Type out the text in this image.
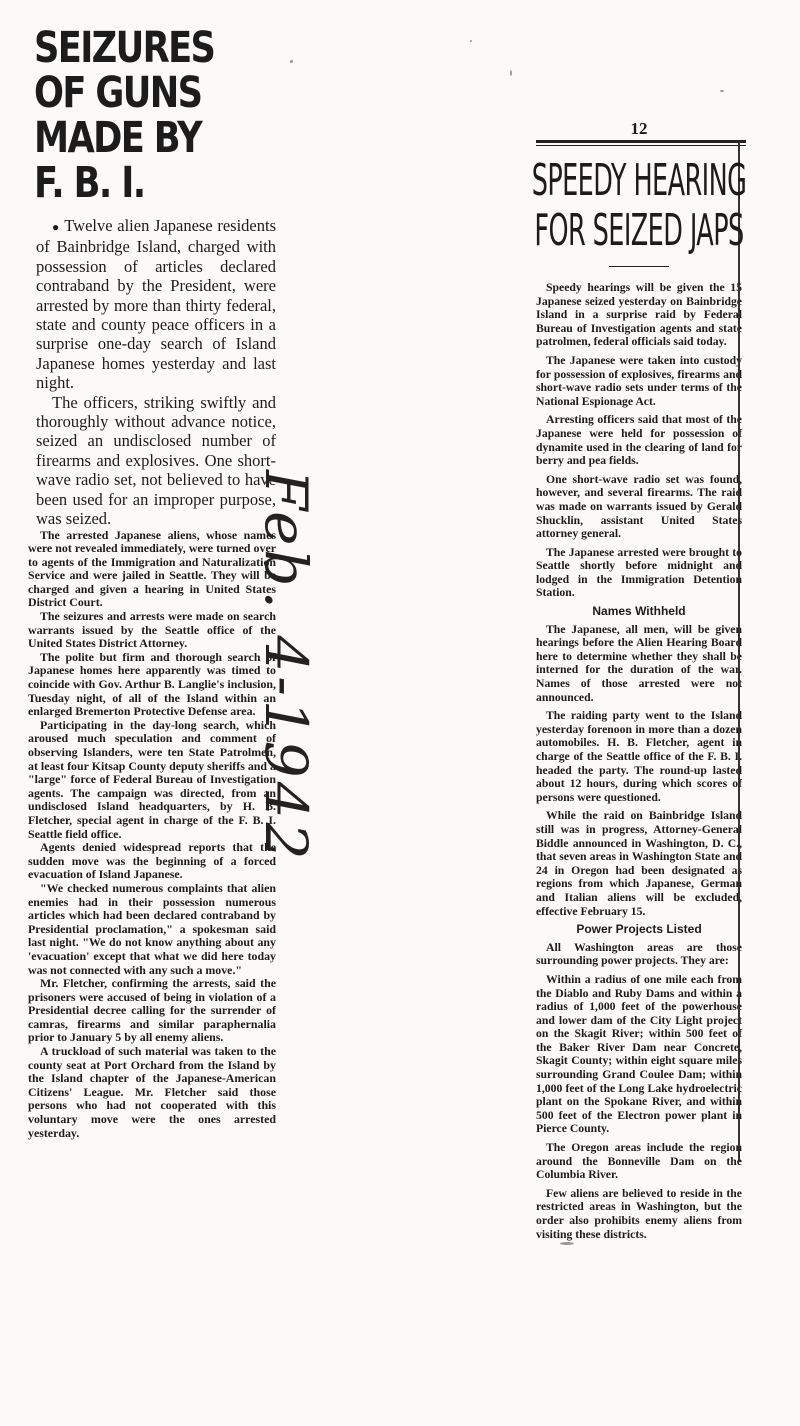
SEIZURES OF GUNS MADE BY F. B. I.

● Twelve alien Japanese residents of Bainbridge Island, charged with possession of articles declared contraband by the President, were arrested by more than thirty federal, state and county peace officers in a surprise one-day search of Island Japanese homes yesterday and last night.

The officers, striking swiftly and thoroughly without advance notice, seized an undisclosed number of firearms and explosives. One short-wave radio set, not believed to have been used for an improper purpose, was seized.

The arrested Japanese aliens, whose names were not revealed immediately, were turned over to agents of the Immigration and Naturalization Service and were jailed in Seattle. They will be charged and given a hearing in United States District Court.

The seizures and arrests were made on search warrants issued by the Seattle office of the United States District Attorney.

The polite but firm and thorough search of Japanese homes here apparently was timed to coincide with Gov. Arthur B. Langlie's inclusion, Tuesday night, of all of the Island within an enlarged Bremerton Protective Defense area.

Participating in the day-long search, which aroused much speculation and comment of observing Islanders, were ten State Patrolmen, at least four Kitsap County deputy sheriffs and a "large" force of Federal Bureau of Investigation agents. The campaign was directed, from an undisclosed Island headquarters, by H. B. Fletcher, special agent in charge of the F. B. I. Seattle field office.

Agents denied widespread reports that the sudden move was the beginning of a forced evacuation of Island Japanese.

"We checked numerous complaints that alien enemies had in their possession numerous articles which had been declared contraband by Presidential proclamation," a spokesman said last night. "We do not know anything about any 'evacuation' except that what we did here today was not connected with any such a move."

Mr. Fletcher, confirming the arrests, said the prisoners were accused of being in violation of a Presidential decree calling for the surrender of camras, firearms and similar paraphernalia prior to January 5 by all enemy aliens.

A truckload of such material was taken to the county seat at Port Orchard from the Island by the Island chapter of the Japanese-American Citizens' League. Mr. Fletcher said those persons who had not cooperated with this voluntary move were the ones arrested yesterday.

Feb. 4-1942

12

SPEEDY HEARING
FOR SEIZED JAPS

Speedy hearings will be given the 15 Japanese seized yesterday on Bainbridge Island in a surprise raid by Federal Bureau of Investigation agents and state patrolmen, federal officials said today.

The Japanese were taken into custody for possession of explosives, firearms and short-wave radio sets under terms of the National Espionage Act.

Arresting officers said that most of the Japanese were held for possession of dynamite used in the clearing of land for berry and pea fields.

One short-wave radio set was found, however, and several firearms. The raid was made on warrants issued by Gerald Shucklin, assistant United States attorney general.

The Japanese arrested were brought to Seattle shortly before midnight and lodged in the Immigration Detention Station.

Names Withheld

The Japanese, all men, will be given hearings before the Alien Hearing Board here to determine whether they shall be interned for the duration of the war. Names of those arrested were not announced.

The raiding party went to the Island yesterday forenoon in more than a dozen automobiles. H. B. Fletcher, agent in charge of the Seattle office of the F. B. I. headed the party. The round-up lasted about 12 hours, during which scores of persons were questioned.

While the raid on Bainbridge Island still was in progress, Attorney-General Biddle announced in Washington, D. C., that seven areas in Washington State and 24 in Oregon had been designated as regions from which Japanese, German and Italian aliens will be excluded, effective February 15.

Power Projects Listed

All Washington areas are those surrounding power projects. They are:

Within a radius of one mile each from the Diablo and Ruby Dams and within a radius of 1,000 feet of the powerhouse and lower dam of the City Light project on the Skagit River; within 500 feet of the Baker River Dam near Concrete, Skagit County; within eight square miles surrounding Grand Coulee Dam; within 1,000 feet of the Long Lake hydroelectric plant on the Spokane River, and within 500 feet of the Electron power plant in Pierce County.

The Oregon areas include the region around the Bonneville Dam on the Columbia River.

Few aliens are believed to reside in the restricted areas in Washington, but the order also prohibits enemy aliens from visiting these districts.
